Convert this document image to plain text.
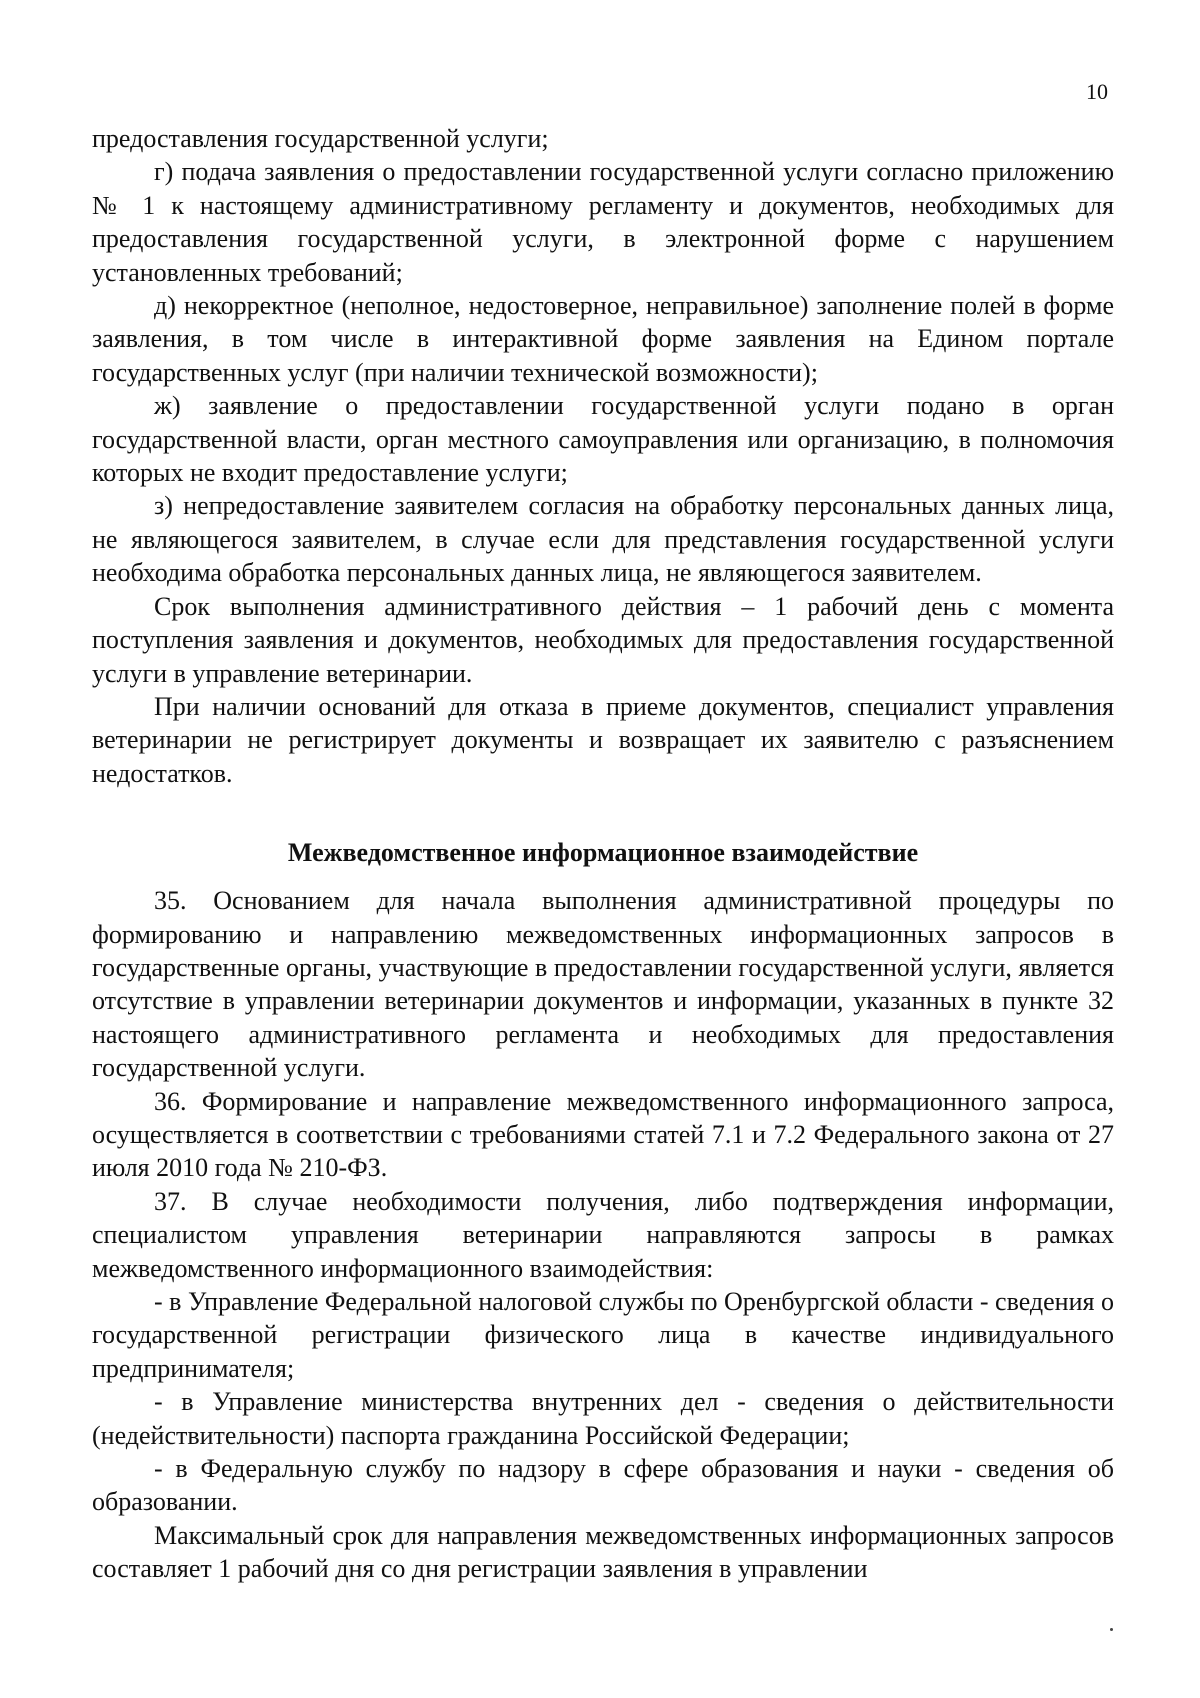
10

предоставления государственной услуги;

г) подача заявления о предоставлении государственной услуги согласно приложению № 1 к настоящему административному регламенту и документов, необходимых для предоставления государственной услуги, в электронной форме с нарушением установленных требований;

д) некорректное (неполное, недостоверное, неправильное) заполнение полей в форме заявления, в том числе в интерактивной форме заявления на Едином портале государственных услуг (при наличии технической возможности);

ж) заявление о предоставлении государственной услуги подано в орган государственной власти, орган местного самоуправления или организацию, в полномочия которых не входит предоставление услуги;

з) непредоставление заявителем согласия на обработку персональных данных лица, не являющегося заявителем, в случае если для представления государственной услуги необходима обработка персональных данных лица, не являющегося заявителем.

Срок выполнения административного действия – 1 рабочий день с момента поступления заявления и документов, необходимых для предоставления государственной услуги в управление ветеринарии.

При наличии оснований для отказа в приеме документов, специалист управления ветеринарии не регистрирует документы и возвращает их заявителю с разъяснением недостатков.

Межведомственное информационное взаимодействие

35. Основанием для начала выполнения административной процедуры по формированию и направлению межведомственных информационных запросов в государственные органы, участвующие в предоставлении государственной услуги, является отсутствие в управлении ветеринарии документов и информации, указанных в пункте 32 настоящего административного регламента и необходимых для предоставления государственной услуги.

36. Формирование и направление межведомственного информационного запроса, осуществляется в соответствии с требованиями статей 7.1 и 7.2 Федерального закона от 27 июля 2010 года № 210-ФЗ.

37. В случае необходимости получения, либо подтверждения информации, специалистом управления ветеринарии направляются запросы в рамках межведомственного информационного взаимодействия:

- в Управление Федеральной налоговой службы по Оренбургской области - сведения о государственной регистрации физического лица в качестве индивидуального предпринимателя;

- в Управление министерства внутренних дел - сведения о действительности (недействительности) паспорта гражданина Российской Федерации;

- в Федеральную службу по надзору в сфере образования и науки - сведения об образовании.

Максимальный срок для направления межведомственных информационных запросов составляет 1 рабочий дня со дня регистрации заявления в управлении
